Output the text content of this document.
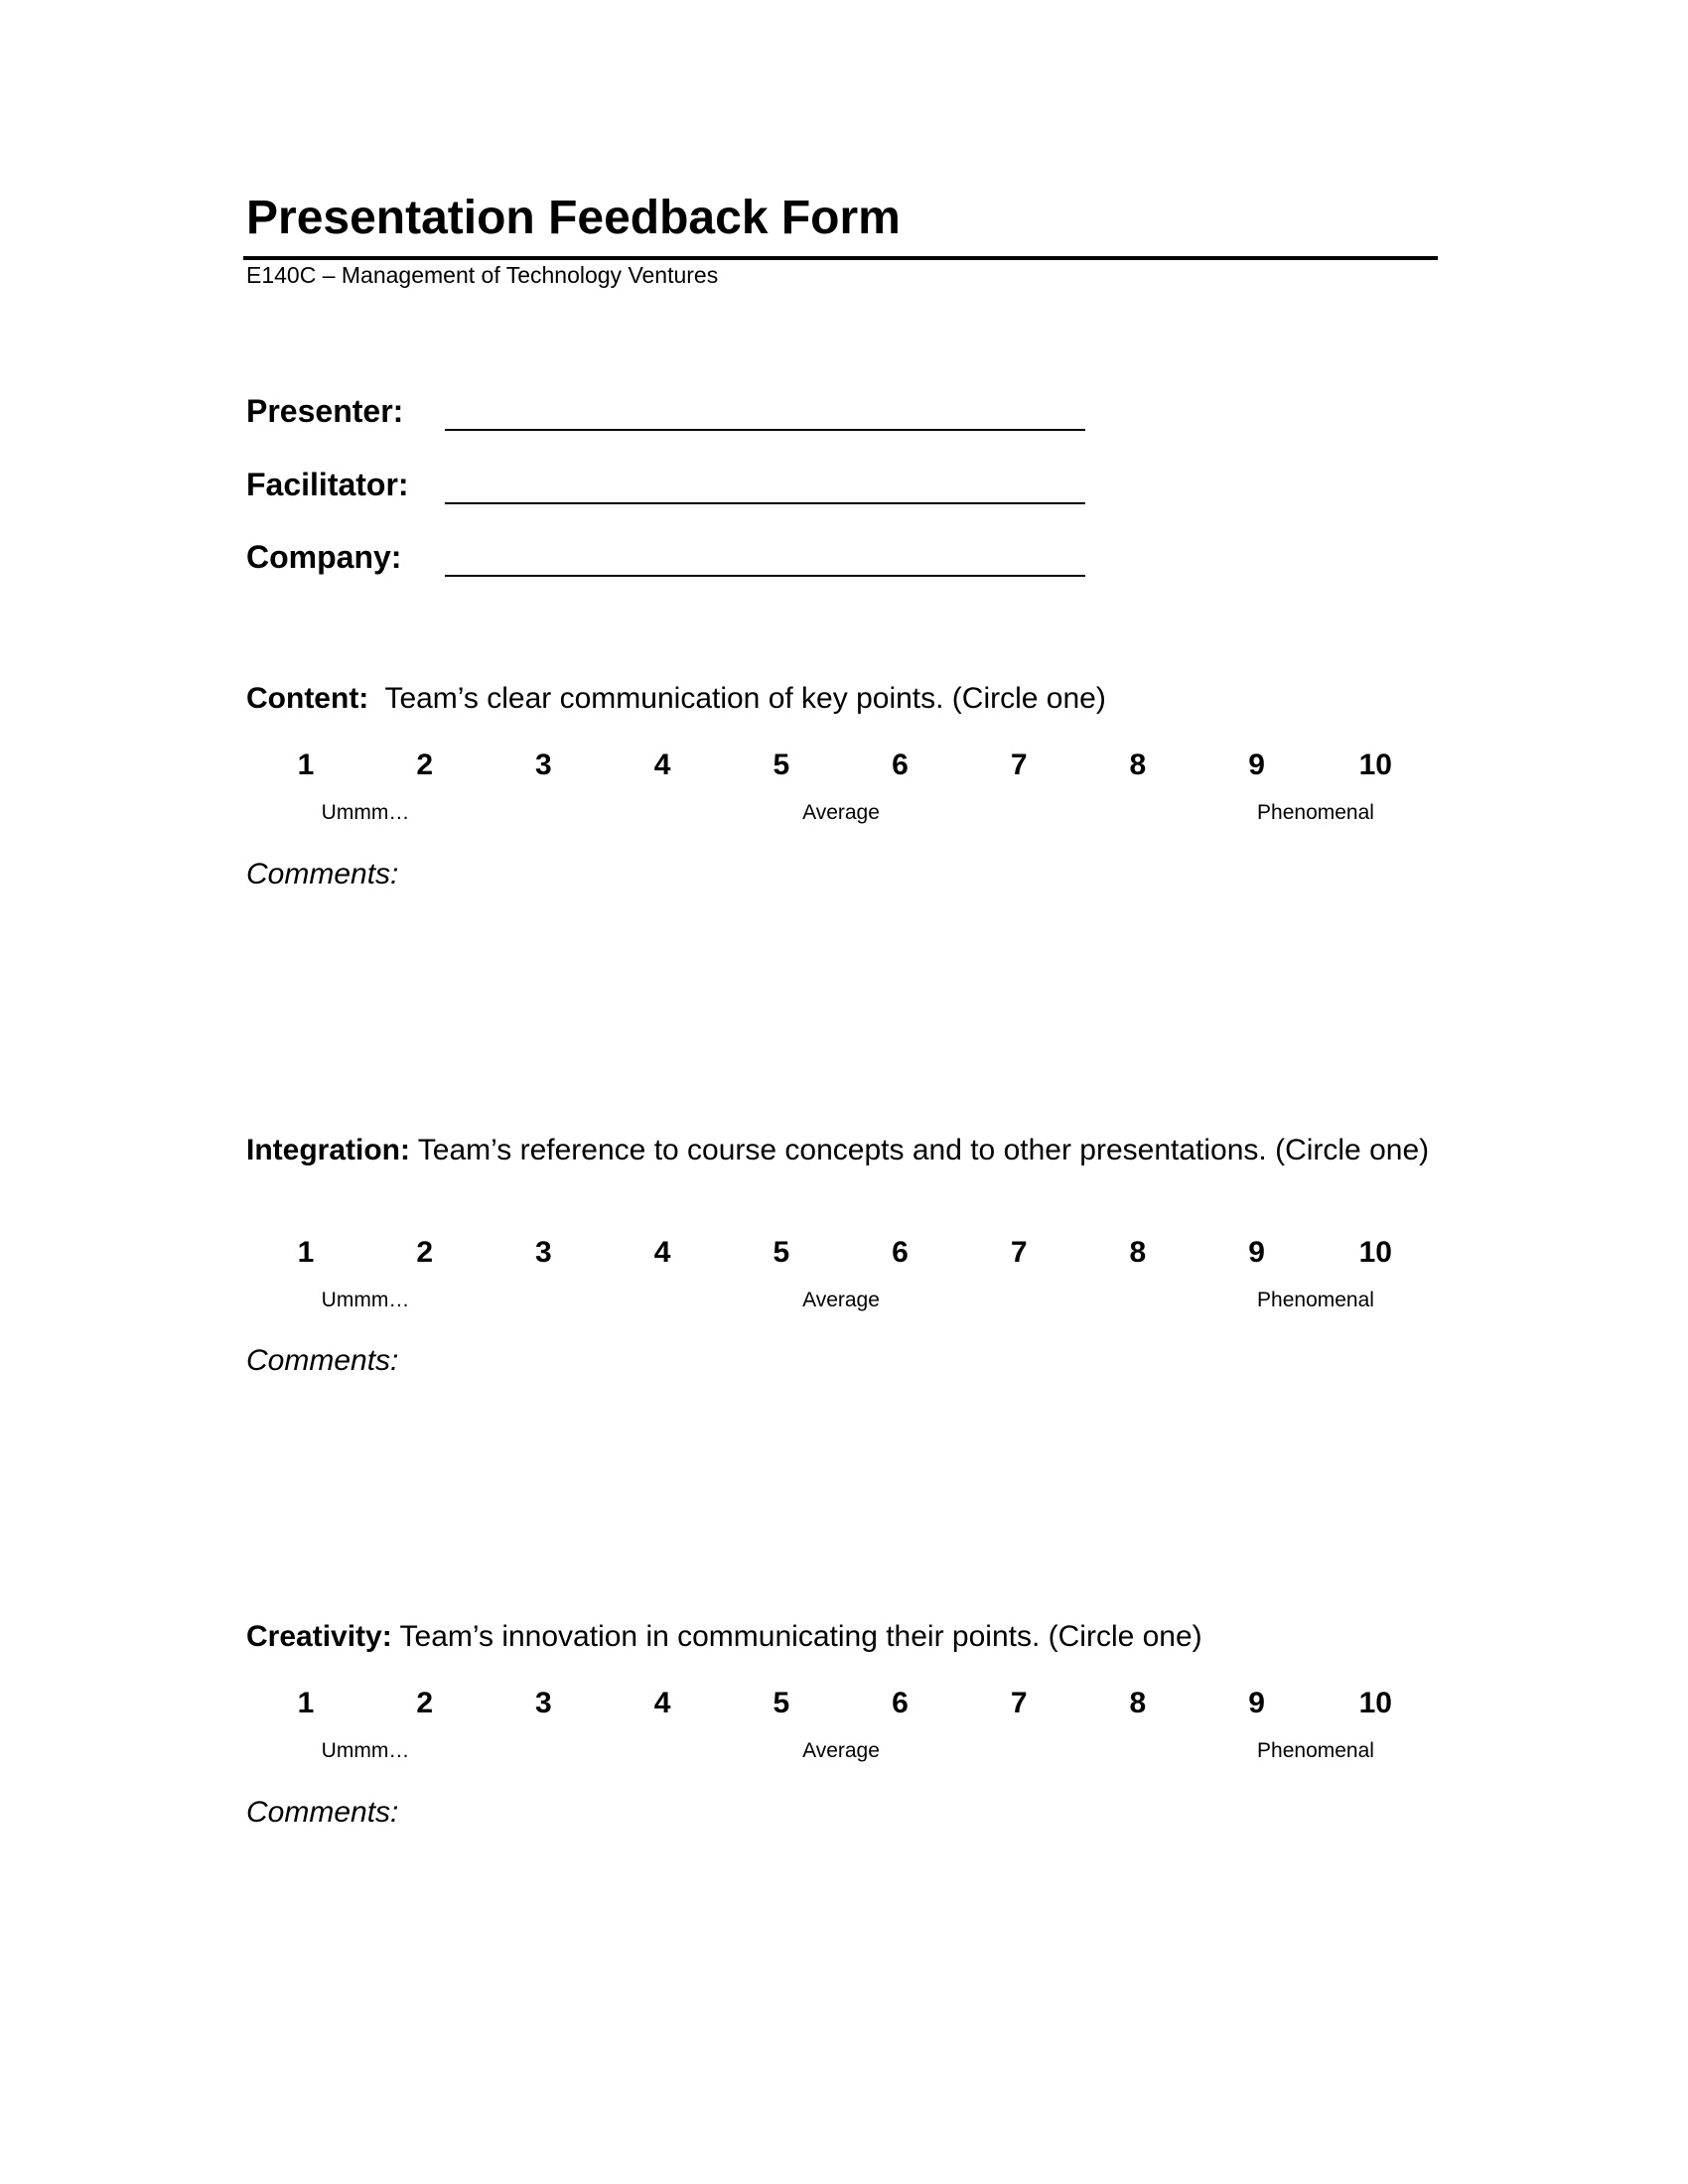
Presentation Feedback Form
E140C – Management of Technology Ventures
Presenter:
Facilitator:
Company:

Content: Team’s clear communication of key points. (Circle one)

1	2	3	4	5	6	7	8	9	10
Ummm…	Average	Phenomenal
Comments:

Integration: Team’s reference to course concepts and to other presentations. (Circle one)

1	2	3	4	5	6	7	8	9	10
Ummm…	Average	Phenomenal
Comments:

Creativity: Team’s innovation in communicating their points. (Circle one)

1	2	3	4	5	6	7	8	9	10
Ummm…	Average	Phenomenal
Comments:
